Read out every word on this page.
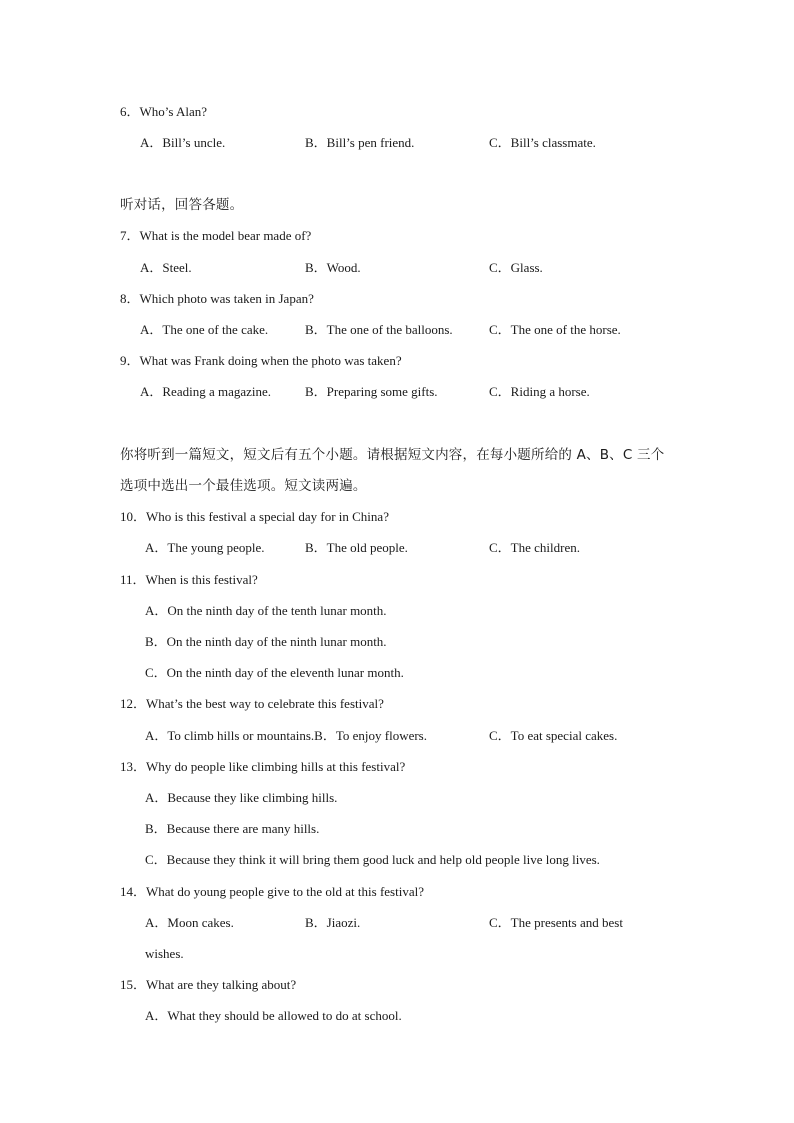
6．Who’s Alan?
A．Bill’s uncle.	B．Bill’s pen friend.	C．Bill’s classmate.
听对话，回答各题。
7．What is the model bear made of?
A．Steel.	B．Wood.	C．Glass.
8．Which photo was taken in Japan?
A．The one of the cake.	B．The one of the balloons.	C．The one of the horse.
9．What was Frank doing when the photo was taken?
A．Reading a magazine.	B．Preparing some gifts.	C．Riding a horse.
你将听到一篇短文，短文后有五个小题。请根据短文内容，在每小题所给的 A、B、C 三个
选项中选出一个最佳选项。短文读两遍。
10．Who is this festival a special day for in China?
A．The young people.	B．The old people.	C．The children.
11．When is this festival?
A．On the ninth day of the tenth lunar month.
B．On the ninth day of the ninth lunar month.
C．On the ninth day of the eleventh lunar month.
12．What’s the best way to celebrate this festival?
A．To climb hills or mountains.B．To enjoy flowers.	C．To eat special cakes.
13．Why do people like climbing hills at this festival?
A．Because they like climbing hills.
B．Because there are many hills.
C．Because they think it will bring them good luck and help old people live long lives.
14．What do young people give to the old at this festival?
A．Moon cakes.	B．Jiaozi.	C．The presents and best
wishes.
15．What are they talking about?
A．What they should be allowed to do at school.
